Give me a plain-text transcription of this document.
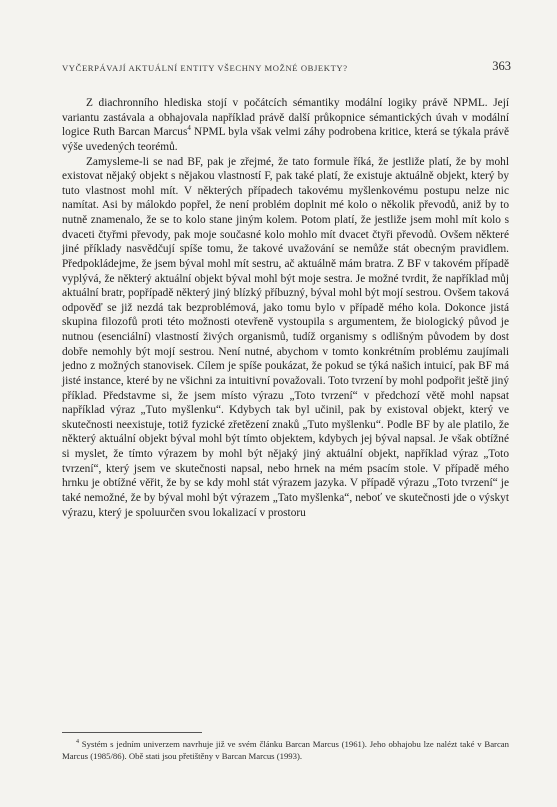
VYČERPÁVAJÍ AKTUÁLNÍ ENTITY VŠECHNY MOŽNÉ OBJEKTY?	363

Z diachronního hlediska stojí v počátcích sémantiky modální logiky právě NPML. Její variantu zastávala a obhajovala například právě další průkopnice sémantických úvah v modální logice Ruth Barcan Marcus$^4$ NPML byla však velmi záhy podrobena kritice, která se týkala právě výše uvedených teorémů.

Zamysleme-li se nad BF, pak je zřejmé, že tato formule říká, že jestliže platí, že by mohl existovat nějaký objekt s nějakou vlastností F, pak také platí, že existuje aktuálně objekt, který by tuto vlastnost mohl mít. V některých případech takovému myšlenkovému postupu nelze nic namítat. Asi by málokdo popřel, že není problém doplnit mé kolo o několik převodů, aniž by to nutně znamenalo, že se to kolo stane jiným kolem. Potom platí, že jestliže jsem mohl mít kolo s dvaceti čtyřmi převody, pak moje současné kolo mohlo mít dvacet čtyři převodů. Ovšem některé jiné příklady nasvědčují spíše tomu, že takové uvažování se nemůže stát obecným pravidlem. Předpokládejme, že jsem býval mohl mít sestru, ač aktuálně mám bratra. Z BF v takovém případě vyplývá, že některý aktuální objekt býval mohl být moje sestra. Je možné tvrdit, že například můj aktuální bratr, popřípadě některý jiný blízký příbuzný, býval mohl být mojí sestrou. Ovšem taková odpověď se již nezdá tak bezproblémová, jako tomu bylo v případě mého kola. Dokonce jistá skupina filozofů proti této možnosti otevřeně vystoupila s argumentem, že biologický původ je nutnou (esenciální) vlastností živých organismů, tudíž organismy s odlišným původem by dost dobře nemohly být mojí sestrou. Není nutné, abychom v tomto konkrétním problému zaujímali jedno z možných stanovisek. Cílem je spíše poukázat, že pokud se týká našich intuicí, pak BF má jisté instance, které by ne všichni za intuitivní považovali. Toto tvrzení by mohl podpořit ještě jiný příklad. Představme si, že jsem místo výrazu „Toto tvrzení“ v předchozí větě mohl napsat například výraz „Tuto myšlenku“. Kdybych tak byl učinil, pak by existoval objekt, který ve skutečnosti neexistuje, totiž fyzické zřetězení znaků „Tuto myšlenku“. Podle BF by ale platilo, že některý aktuální objekt býval mohl být tímto objektem, kdybych jej býval napsal. Je však obtížné si myslet, že tímto výrazem by mohl být nějaký jiný aktuální objekt, například výraz „Toto tvrzení“, který jsem ve skutečnosti napsal, nebo hrnek na mém psacím stole. V případě mého hrnku je obtížné věřit, že by se kdy mohl stát výrazem jazyka. V případě výrazu „Toto tvrzení“ je také nemožné, že by býval mohl být výrazem „Tato myšlenka“, neboť ve skutečnosti jde o výskyt výrazu, který je spoluurčen svou lokalizací v prostoru

$^4$ Systém s jedním univerzem navrhuje již ve svém článku Barcan Marcus (1961). Jeho obhajobu lze nalézt také v Barcan Marcus (1985/86). Obě stati jsou přetištěny v Barcan Marcus (1993).
